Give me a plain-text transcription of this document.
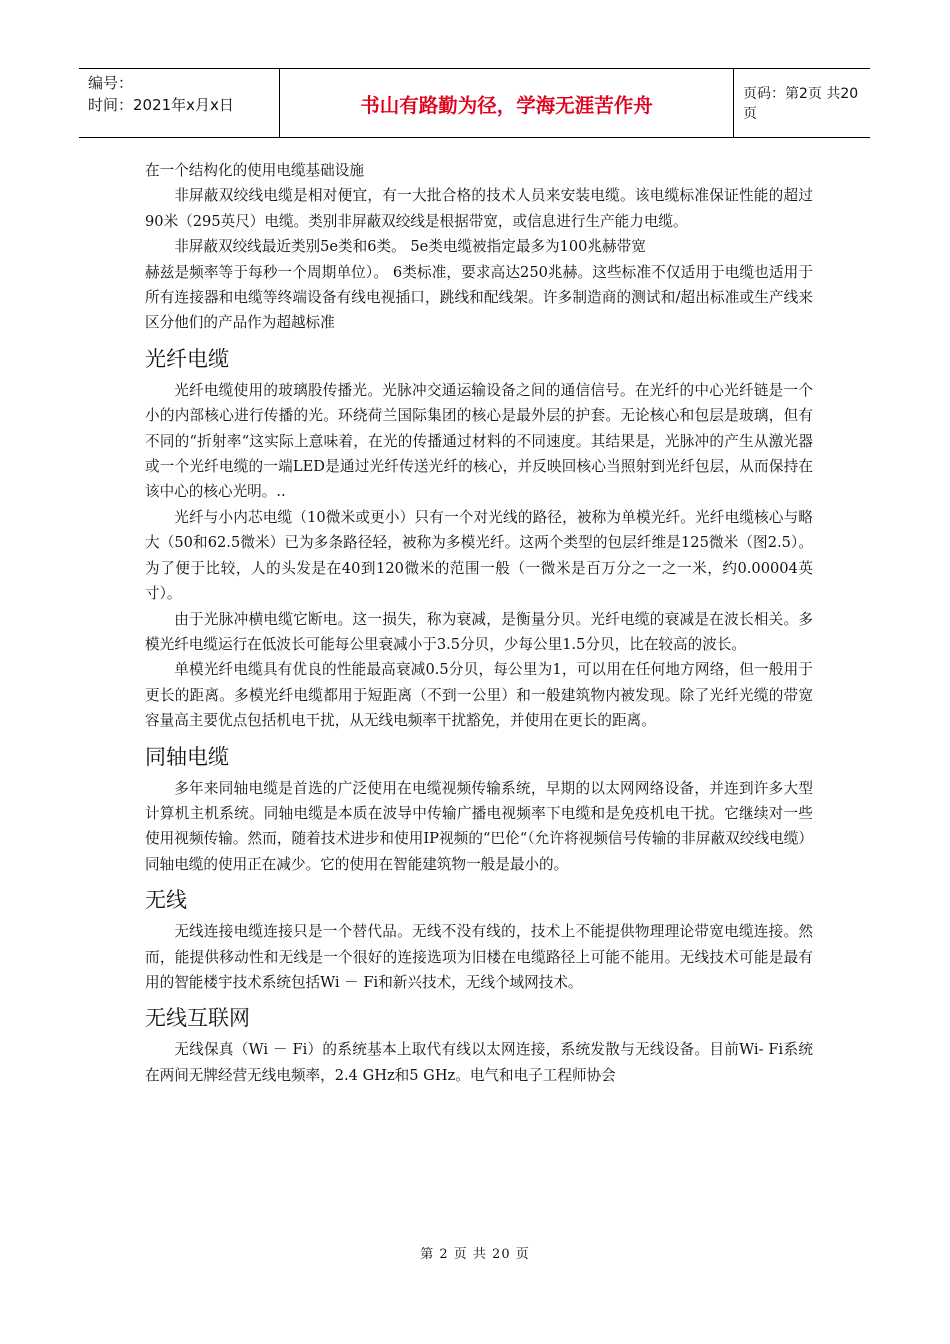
编号：
时间：2021年x月x日	书山有路勤为径，学海无涯苦作舟	页码：第2页 共20页

在一个结构化的使用电缆基础设施

非屏蔽双绞线电缆是相对便宜，有一大批合格的技术人员来安装电缆。该电缆标准保证性能的超过90米（295英尺）电缆。类别非屏蔽双绞线是根据带宽，或信息进行生产能力电缆。

非屏蔽双绞线最近类别5e类和6类。 5e类电缆被指定最多为100兆赫带宽

赫兹是频率等于每秒一个周期单位）。 6类标准，要求高达250兆赫。这些标准不仅适用于电缆也适用于所有连接器和电缆等终端设备有线电视插口，跳线和配线架。许多制造商的测试和/超出标准或生产线来区分他们的产品作为超越标准

光纤电缆

光纤电缆使用的玻璃股传播光。光脉冲交通运输设备之间的通信信号。在光纤的中心光纤链是一个小的内部核心进行传播的光。环绕荷兰国际集团的核心是最外层的护套。无论核心和包层是玻璃，但有不同的“折射率“这实际上意味着，在光的传播通过材料的不同速度。其结果是，光脉冲的产生从激光器或一个光纤电缆的一端LED是通过光纤传送光纤的核心，并反映回核心当照射到光纤包层，从而保持在该中心的核心光明。..

光纤与小内芯电缆（10微米或更小）只有一个对光线的路径，被称为单模光纤。光纤电缆核心与略大（50和62.5微米）已为多条路径轻，被称为多模光纤。这两个类型的包层纤维是125微米（图2.5）。为了便于比较，人的头发是在40到120微米的范围一般（一微米是百万分之一之一米，约0.00004英寸）。

由于光脉冲横电缆它断电。这一损失，称为衰减，是衡量分贝。光纤电缆的衰减是在波长相关。多模光纤电缆运行在低波长可能每公里衰减小于3.5分贝，少每公里1.5分贝，比在较高的波长。

单模光纤电缆具有优良的性能最高衰减0.5分贝，每公里为1，可以用在任何地方网络，但一般用于更长的距离。多模光纤电缆都用于短距离（不到一公里）和一般建筑物内被发现。除了光纤光缆的带宽容量高主要优点包括机电干扰，从无线电频率干扰豁免，并使用在更长的距离。

同轴电缆

多年来同轴电缆是首选的广泛使用在电缆视频传输系统，早期的以太网网络设备，并连到许多大型计算机主机系统。同轴电缆是本质在波导中传输广播电视频率下电缆和是免疫机电干扰。它继续对一些使用视频传输。然而，随着技术进步和使用IP视频的“巴伦“（允许将视频信号传输的非屏蔽双绞线电缆）同轴电缆的使用正在减少。它的使用在智能建筑物一般是最小的。

无线

无线连接电缆连接只是一个替代品。无线不没有线的，技术上不能提供物理理论带宽电缆连接。然而，能提供移动性和无线是一个很好的连接选项为旧楼在电缆路径上可能不能用。无线技术可能是最有用的智能楼宇技术系统包括Wi － Fi和新兴技术，无线个域网技术。

无线互联网

无线保真（Wi － Fi）的系统基本上取代有线以太网连接，系统发散与无线设备。目前Wi- Fi系统在两间无牌经营无线电频率，2.4 GHz和5 GHz。电气和电子工程师协会

第 2 页 共 20 页
